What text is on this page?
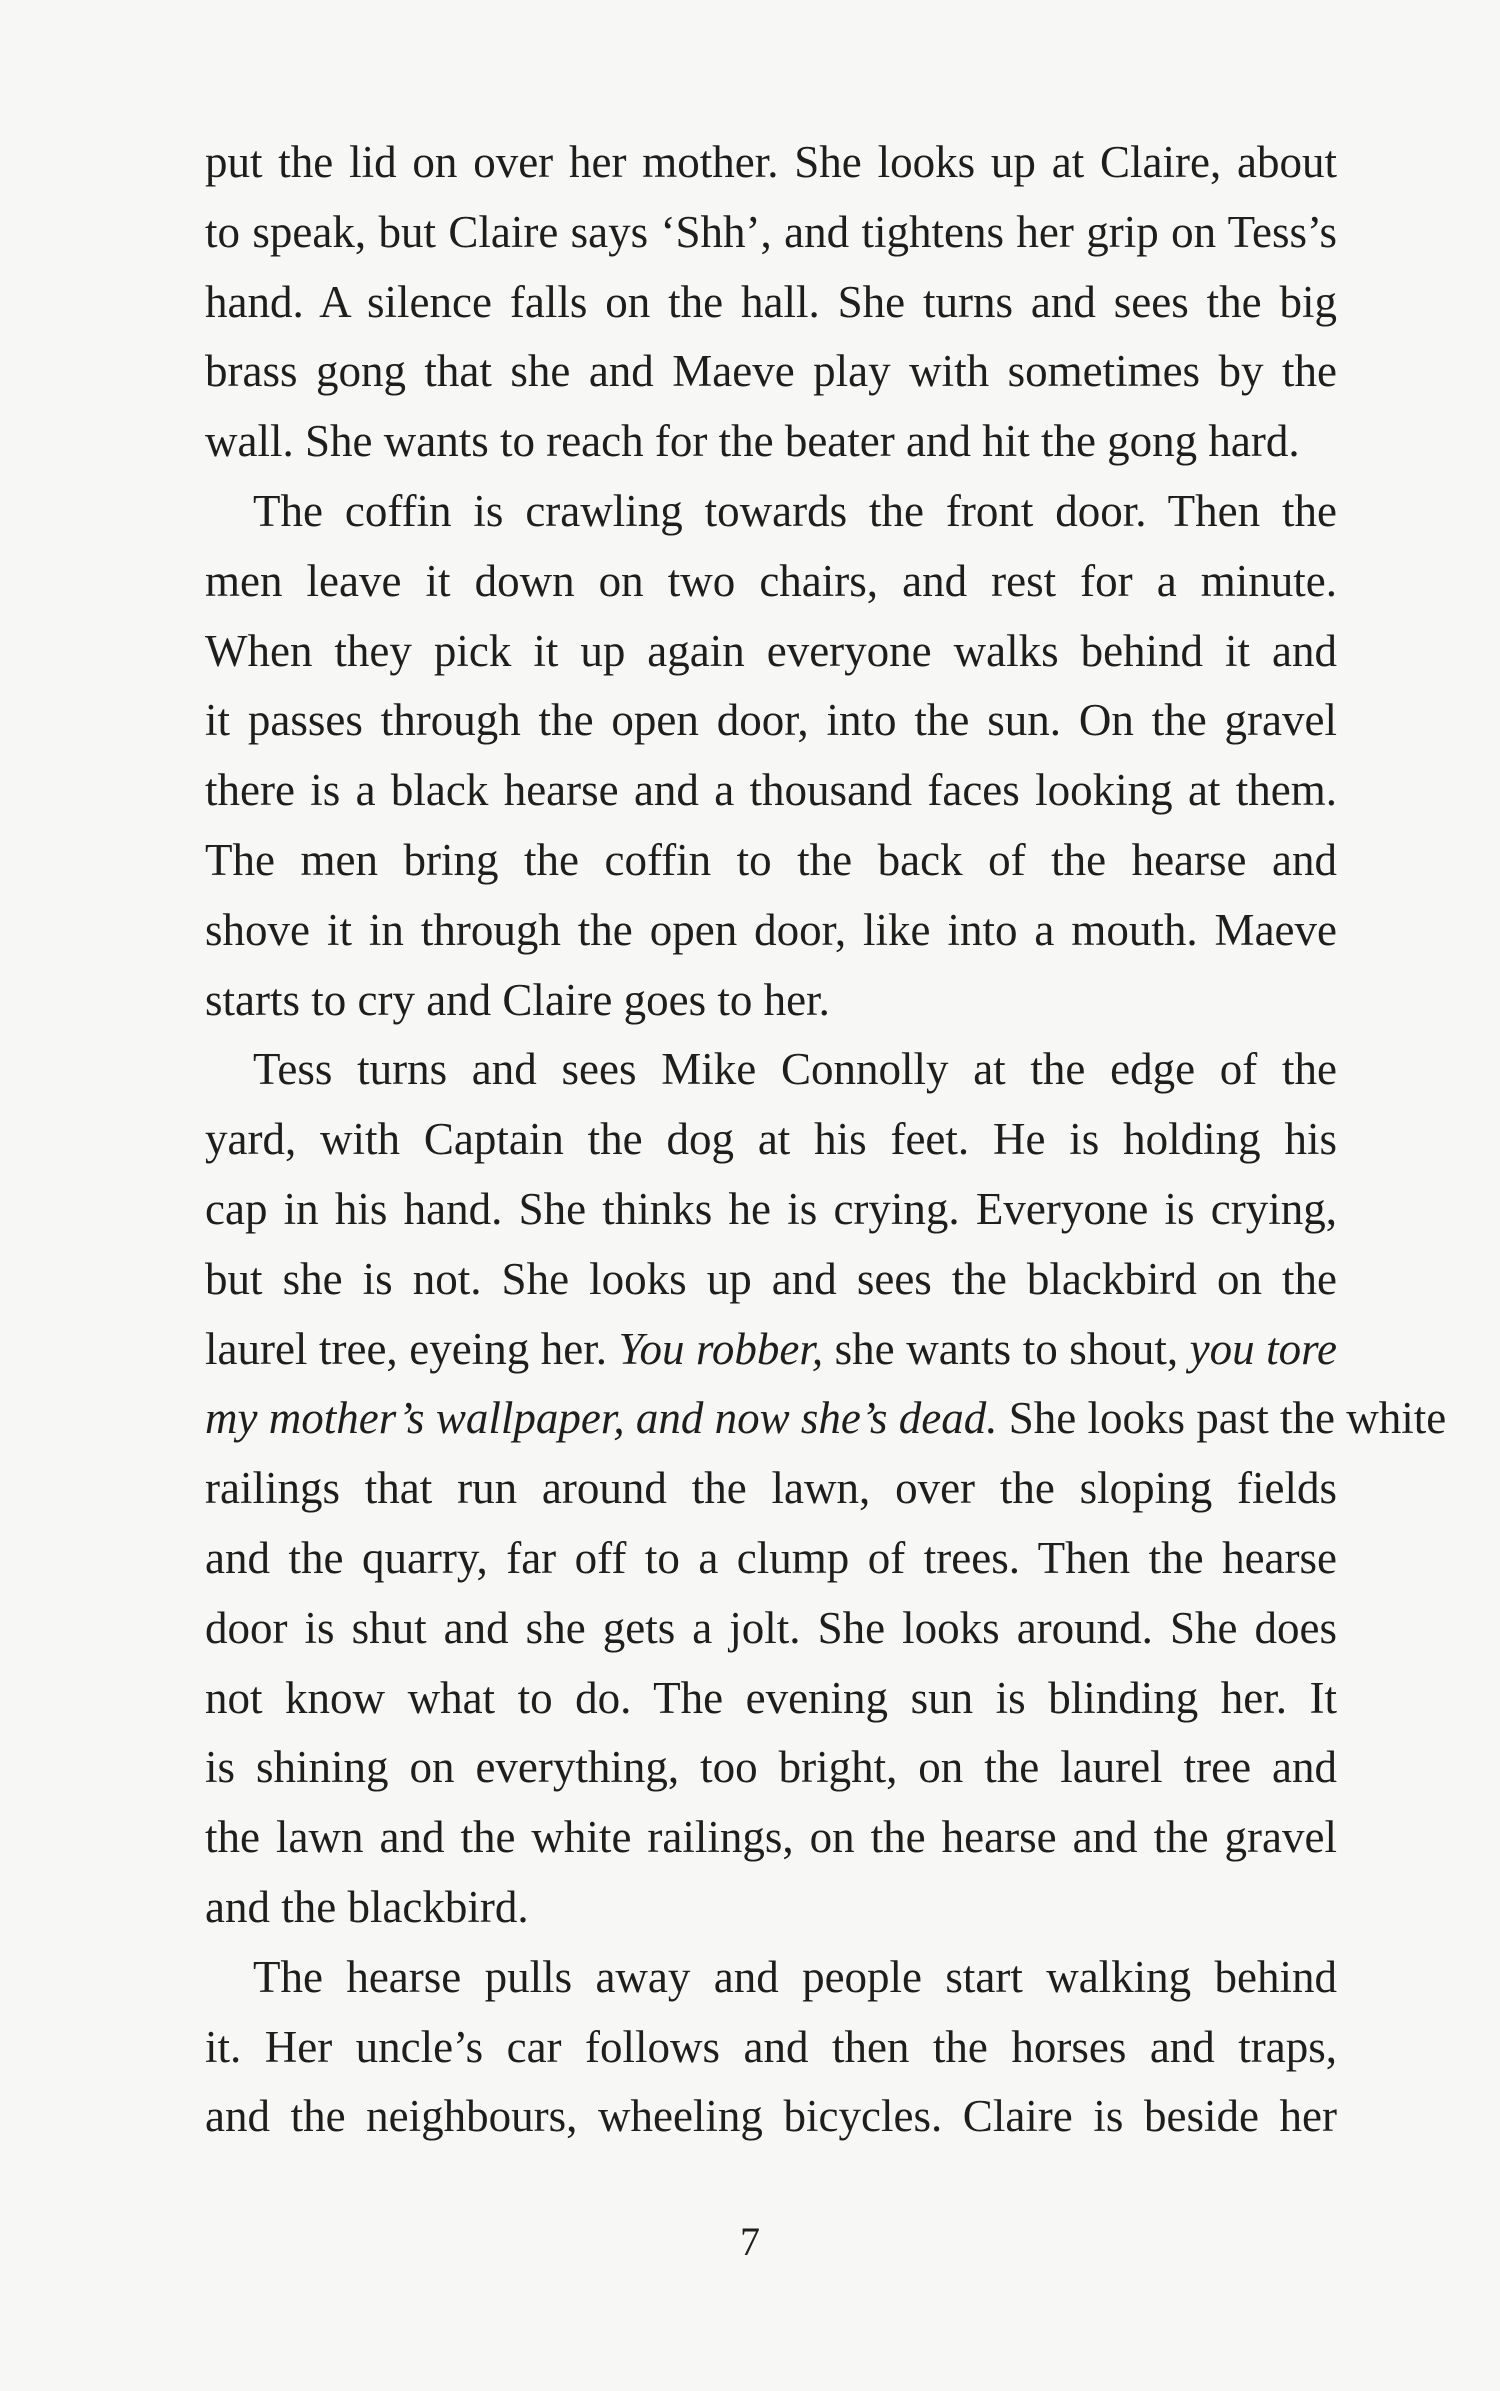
put the lid on over her mother. She looks up at Claire, about
to speak, but Claire says ‘Shh’, and tightens her grip on Tess’s
hand. A silence falls on the hall. She turns and sees the big
brass gong that she and Maeve play with sometimes by the
wall. She wants to reach for the beater and hit the gong hard.
The coffin is crawling towards the front door. Then the
men leave it down on two chairs, and rest for a minute.
When they pick it up again everyone walks behind it and
it passes through the open door, into the sun. On the gravel
there is a black hearse and a thousand faces looking at them.
The men bring the coffin to the back of the hearse and
shove it in through the open door, like into a mouth. Maeve
starts to cry and Claire goes to her.
Tess turns and sees Mike Connolly at the edge of the
yard, with Captain the dog at his feet. He is holding his
cap in his hand. She thinks he is crying. Everyone is crying,
but she is not. She looks up and sees the blackbird on the
laurel tree, eyeing her. You robber, she wants to shout, you tore
my mother’s wallpaper, and now she’s dead. She looks past the white
railings that run around the lawn, over the sloping fields
and the quarry, far off to a clump of trees. Then the hearse
door is shut and she gets a jolt. She looks around. She does
not know what to do. The evening sun is blinding her. It
is shining on everything, too bright, on the laurel tree and
the lawn and the white railings, on the hearse and the gravel
and the blackbird.
The hearse pulls away and people start walking behind
it. Her uncle’s car follows and then the horses and traps,
and the neighbours, wheeling bicycles. Claire is beside her
7
